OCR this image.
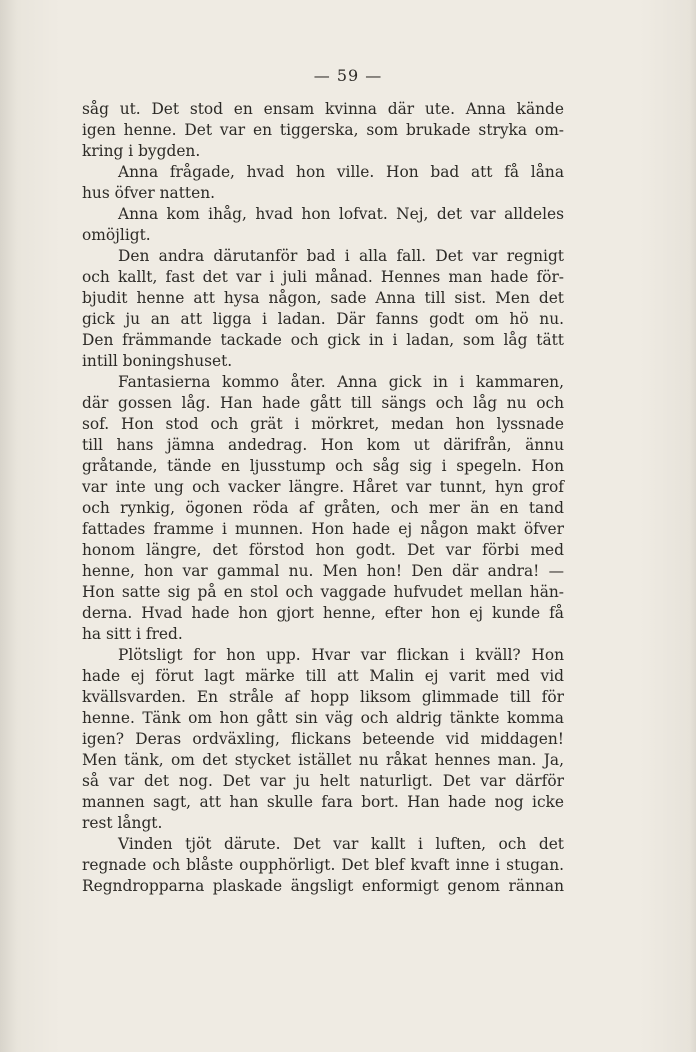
— 59 —
såg ut. Det stod en ensam kvinna där ute. Anna kände
igen henne. Det var en tiggerska, som brukade stryka om-
kring i bygden.
Anna frågade, hvad hon ville. Hon bad att få låna
hus öfver natten.
Anna kom ihåg, hvad hon lofvat. Nej, det var alldeles
omöjligt.
Den andra därutanför bad i alla fall. Det var regnigt
och kallt, fast det var i juli månad. Hennes man hade för-
bjudit henne att hysa någon, sade Anna till sist. Men det
gick ju an att ligga i ladan. Där fanns godt om hö nu.
Den främmande tackade och gick in i ladan, som låg tätt
intill boningshuset.
Fantasierna kommo åter. Anna gick in i kammaren,
där gossen låg. Han hade gått till sängs och låg nu och
sof. Hon stod och grät i mörkret, medan hon lyssnade
till hans jämna andedrag. Hon kom ut därifrån, ännu
gråtande, tände en ljusstump och såg sig i spegeln. Hon
var inte ung och vacker längre. Håret var tunnt, hyn grof
och rynkig, ögonen röda af gråten, och mer än en tand
fattades framme i munnen. Hon hade ej någon makt öfver
honom längre, det förstod hon godt. Det var förbi med
henne, hon var gammal nu. Men hon! Den där andra! —
Hon satte sig på en stol och vaggade hufvudet mellan hän-
derna. Hvad hade hon gjort henne, efter hon ej kunde få
ha sitt i fred.
Plötsligt for hon upp. Hvar var flickan i kväll? Hon
hade ej förut lagt märke till att Malin ej varit med vid
kvällsvarden. En stråle af hopp liksom glimmade till för
henne. Tänk om hon gått sin väg och aldrig tänkte komma
igen? Deras ordväxling, flickans beteende vid middagen!
Men tänk, om det stycket istället nu råkat hennes man. Ja,
så var det nog. Det var ju helt naturligt. Det var därför
mannen sagt, att han skulle fara bort. Han hade nog icke
rest långt.
Vinden tjöt därute. Det var kallt i luften, och det
regnade och blåste oupphörligt. Det blef kvaft inne i stugan.
Regndropparna plaskade ängsligt enformigt genom rännan
